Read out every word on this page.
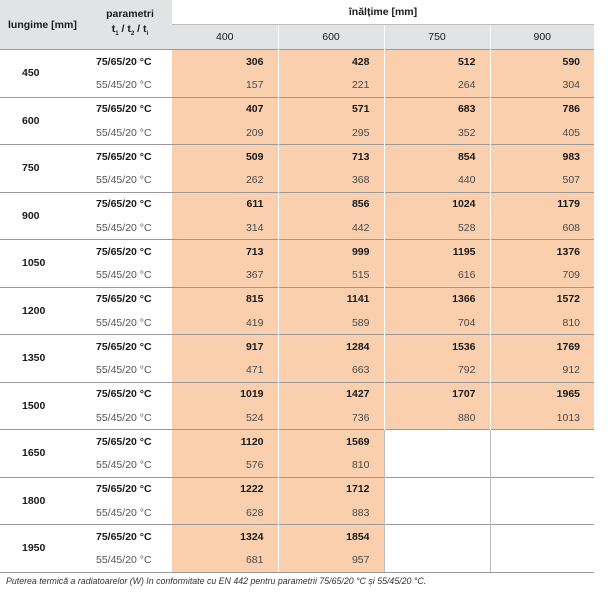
lungime [mm]	parametri
$t_1 / t_2 / t_i$	înălțime [mm]			
		400	600	750	900
450	75/65/20 °C	306	428	512	590
	55/45/20 °C	157	221	264	304
600	75/65/20 °C	407	571	683	786
	55/45/20 °C	209	295	352	405
750	75/65/20 °C	509	713	854	983
	55/45/20 °C	262	368	440	507
900	75/65/20 °C	611	856	1024	1179
	55/45/20 °C	314	442	528	608
1050	75/65/20 °C	713	999	1195	1376
	55/45/20 °C	367	515	616	709
1200	75/65/20 °C	815	1141	1366	1572
	55/45/20 °C	419	589	704	810
1350	75/65/20 °C	917	1284	1536	1769
	55/45/20 °C	471	663	792	912
1500	75/65/20 °C	1019	1427	1707	1965
	55/45/20 °C	524	736	880	1013
1650	75/65/20 °C	1120	1569		
	55/45/20 °C	576	810		
1800	75/65/20 °C	1222	1712		
	55/45/20 °C	628	883		
1950	75/65/20 °C	1324	1854		
	55/45/20 °C	681	957		
Puterea termică a radiatoarelor (W) în conformitate cu EN 442 pentru parametrii 75/65/20 °C și 55/45/20 °C.
